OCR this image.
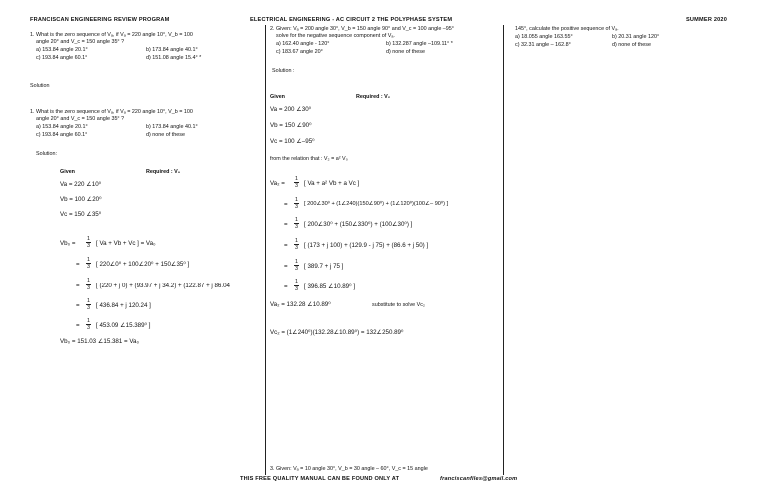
FRANCISCAN ENGINEERING REVIEW PROGRAM	ELECTRICAL ENGINEERING - AC CIRCUIT 2 THE POLYPHASE SYSTEM	SUMMER 2020
1. What is the zero sequence of Vₐ, if Vₐ = 220 angle 10°, V_b = 100
angle 20° and V_c = 150 angle 35° ?
a) 153.84 angle 20.1°	b) 173.84 angle 40.1°
c) 193.84 angle 60.1°	d) 151.08 angle 15.4° *
Solution
1. What is the zero sequence of Vₐ, if Vₐ = 220 angle 10°, V_b = 100
angle 20° and V_c = 150 angle 35° ?
a) 153.84 angle 20.1°	b) 173.84 angle 40.1°
c) 193.84 angle 60.1°	d) none of these
Solution:
Given	Required : V₀
Va = 220 ∠10⁰
Vb = 100 ∠20⁰
Vc = 150 ∠35⁰
$Vb_0 = \frac{1}{3}$ [ Va + Vb + Vc ] = Va₀
= $\frac{1}{3}$ [ 220∠0⁰ + 100∠20⁰ + 150∠35⁰ ]
= $\frac{1}{3}$ [ (220 + j 0) + (93.97 + j 34.2) + (122.87 + j 86.04
= $\frac{1}{3}$ [ 436.84 + j 120.24 ]
= $\frac{1}{3}$ [ 453.09 ∠15.389⁰ ]
Vb₀ = 151.03 ∠15.381 = Va₀
2. Given: Vₐ = 200 angle 30°, V_b = 150 angle 90° and V_c = 100 angle –95°
solve for the negative sequence component of Vₐ.
a) 162.40 angle - 120°	b) 132.287 angle –109.11° *
c) 183.67 angle 20°	d) none of these
Solution :
Given	Required : V₂
Va = 200 ∠30⁰
Vb = 150 ∠90⁰
Vc = 100 ∠–95⁰
from the relation that : V₂ = a² V₀
$Va_2 = \frac{1}{3}$ [ Va + a² Vb + a Vc ]
= $\frac{1}{3}$ [ 200∠30⁰ + (1∠240)(150∠90⁰) + (1∠120⁰)(100∠– 90⁰) ]
= $\frac{1}{3}$ [ 200∠30⁰ + (150∠330⁰) + (100∠30⁰) ]
= $\frac{1}{3}$ [ (173 + j 100) + (129.9 - j 75) + (86.6 + j 50) ]
= $\frac{1}{3}$ [ 389.7 + j 75 ]
= $\frac{1}{3}$ [ 396.85 ∠10.89⁰ ]
Va₂ = 132.28 ∠10.89⁰	substitute to solve Vc₂
Vc₂ = (1∠240⁰)(132.28∠10.89⁰) = 132∠250.89⁰
3. Given: Vₐ = 10 angle 30°, V_b = 30 angle – 60°, V_c = 15 angle
145°, calculate the positive sequence of Vₐ.
a) 18.055 angle 163.55°	b) 20.31 angle 120°
c) 32.31 angle – 162.8°	d) none of these
THIS FREE QUALITY MANUAL CAN BE FOUND ONLY AT	franciscanfiles@gmail.com
